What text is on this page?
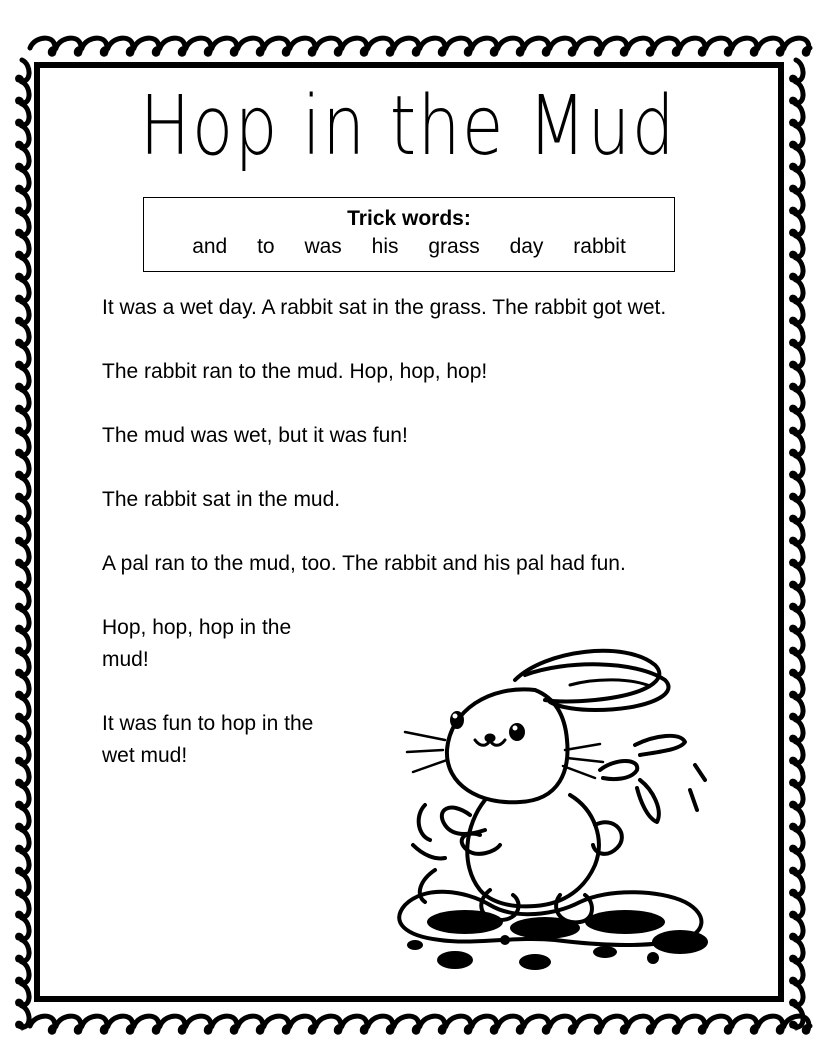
Hop in the Mud
Trick words:
and to was his grass day rabbit

It was a wet day. A rabbit sat in the grass. The rabbit got wet.

The rabbit ran to the mud. Hop, hop, hop!

The mud was wet, but it was fun!

The rabbit sat in the mud.

A pal ran to the mud, too. The rabbit and his pal had fun.

Hop, hop, hop in the mud!

It was fun to hop in the wet mud!
